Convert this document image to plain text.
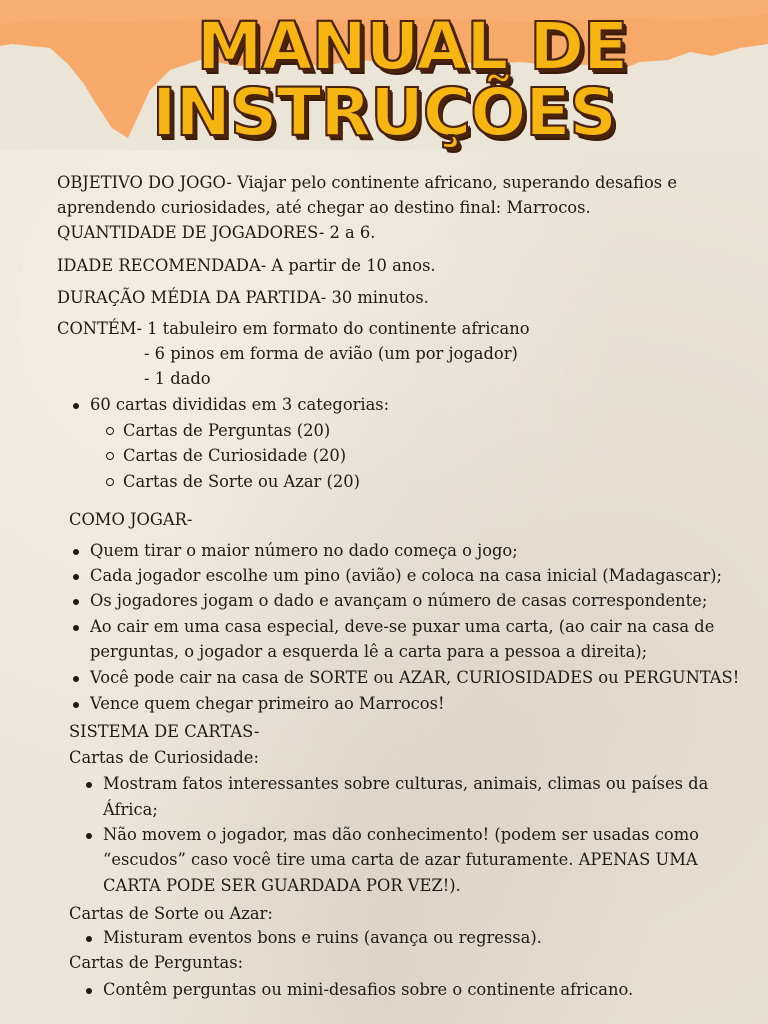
MANUAL DE
INSTRUÇÕES
OBJETIVO DO JOGO- Viajar pelo continente africano, superando desafios e
aprendendo curiosidades, até chegar ao destino final: Marrocos.
QUANTIDADE DE JOGADORES- 2 a 6.
IDADE RECOMENDADA- A partir de 10 anos.
DURAÇÃO MÉDIA DA PARTIDA- 30 minutos.
CONTÉM- 1 tabuleiro em formato do continente africano
- 6 pinos em forma de avião (um por jogador)
- 1 dado
60 cartas divididas em 3 categorias:
Cartas de Perguntas (20)
Cartas de Curiosidade (20)
Cartas de Sorte ou Azar (20)
COMO JOGAR-
Quem tirar o maior número no dado começa o jogo;
Cada jogador escolhe um pino (avião) e coloca na casa inicial (Madagascar);
Os jogadores jogam o dado e avançam o número de casas correspondente;
Ao cair em uma casa especial, deve-se puxar uma carta, (ao cair na casa de
perguntas, o jogador a esquerda lê a carta para a pessoa a direita);
Você pode cair na casa de SORTE ou AZAR, CURIOSIDADES ou PERGUNTAS!
Vence quem chegar primeiro ao Marrocos!
SISTEMA DE CARTAS-
Cartas de Curiosidade:
Mostram fatos interessantes sobre culturas, animais, climas ou países da
África;
Não movem o jogador, mas dão conhecimento! (podem ser usadas como
“escudos” caso você tire uma carta de azar futuramente. APENAS UMA
CARTA PODE SER GUARDADA POR VEZ!).
Cartas de Sorte ou Azar:
Misturam eventos bons e ruins (avança ou regressa).
Cartas de Perguntas:
Contêm perguntas ou mini-desafios sobre o continente africano.
